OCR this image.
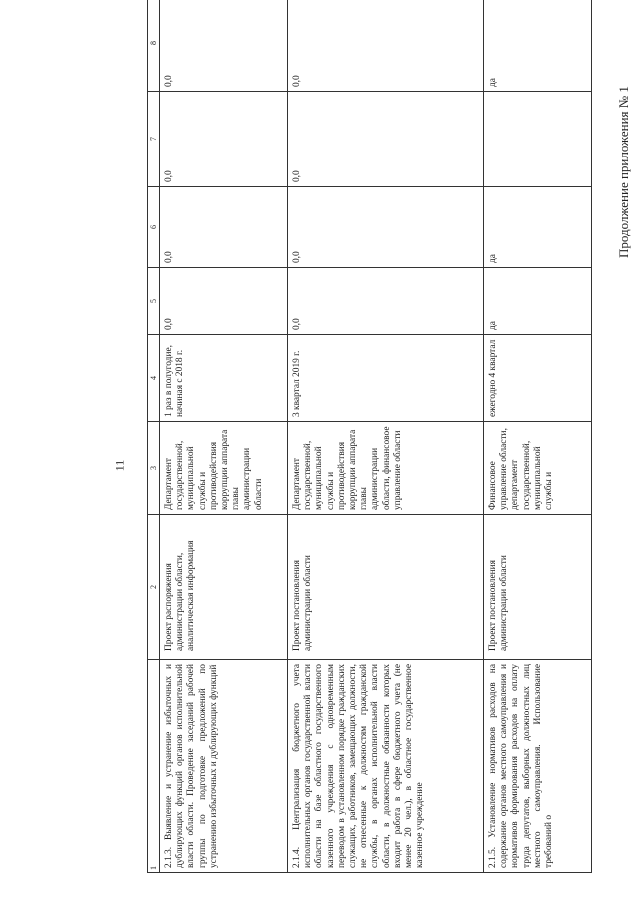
11
Продолжение приложения № 1
1	2	3	4	5	6	7	8
2.1.3. Выявление и устранение избыточных и дублирующих функций органов исполнительной власти области. Проведение заседаний рабочей группы по подготовке предложений по устранению избыточных и дублирующих функций	Проект распоряжения администрации области, аналитическая информация	Департамент государственной, муниципальной службы и противодействия коррупции аппарата главы администрации области	1 раз в полугодие, начиная с 2018 г.	0,0	0,0	0,0	0,0
2.1.4. Централизация бюджетного учета исполнительных органов государственной власти области на базе областного государственного казенного учреждения с одновременным переводом в установленном порядке гражданских служащих, работников, замещающих должности, не отнесенные к должностям гражданской службы, в органах исполнительной власти области, в должностные обязанности которых входит работа в сфере бюджетного учета (не менее 20 чел.), в областное государственное казенное учреждение	Проект постановления администрации области	Департамент государственной, муниципальной службы и противодействия коррупции аппарата главы администрации области, финансовое управление области	3 квартал 2019 г.	0,0	0,0	0,0	0,0
2.1.5. Установление нормативов расходов на содержание органов местного самоуправления и нормативов формирования расходов на оплату труда депутатов, выборных должностных лиц местного самоуправления. Использование требований о	Проект постановления администрации области	Финансовое управление области, департамент государственной, муниципальной службы и	ежегодно 4 квартал	да	да		да
